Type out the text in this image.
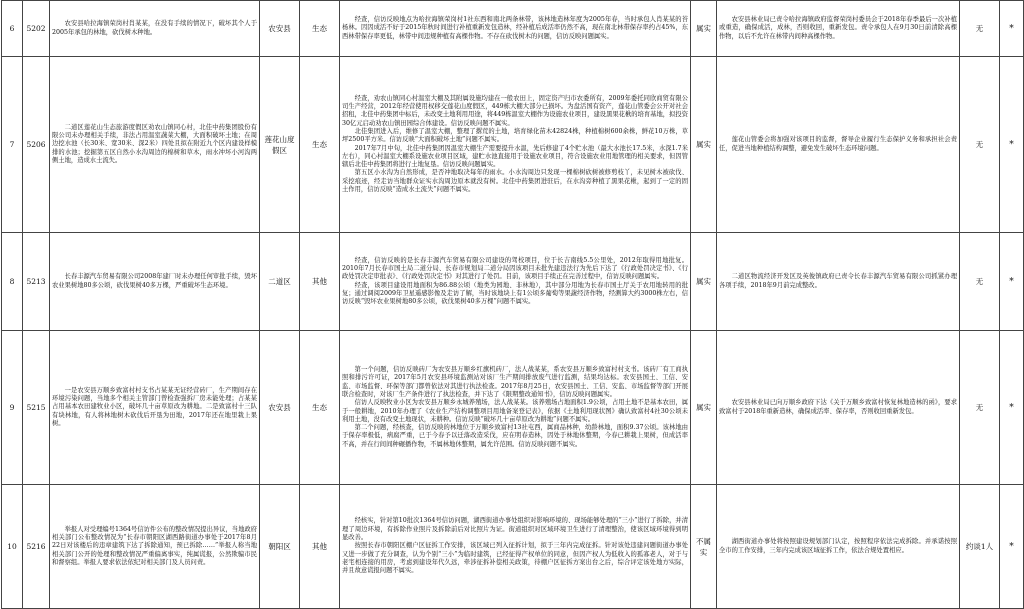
6	5202	农安县哈拉海镇荣岗村肖某某，在没有手续的情况下，破坏其个人于2005年承包的林地，砍伐树木种地。	农安县	生态	经查，信访反映地点为哈拉海镇荣岗村1社东西和南北两条林带，该林地造林年度为2005年春，当时承包人肖某某的苔杨林。因因成活不好于2015年秋时间进行补植重新发包造林，经补植后成活率仍然不高，现在南北林带保存率约占45%，东西林带保存率更低，林带中间违规种植有高棵作物。不存在砍伐树木的问题，信访反映问题属实。	属实	农安县林业局已责令哈拉海镇政府监督荣岗村委员会于2018年春季最后一次补植或重造，确保成活，成林，否则收回，重新发包。责令承包人在9月30日前清除高棵作物，以后不允许在林带内间种高棵作物。	无	*
7	5206	二道区莲花山生态旅游度假区劝农山镇同心村，北佳中药集团股份有限公司未办理相关手续，非法占用温室蔬菜大棚，大面积破坏土地；在周边挖水池（长30米、宽30米、深2米）四处且拟在附近九个区内建设样模排的水池；挖掘第五区自然小水沟周边的棉树和草木，雨水冲坏小河沟两侧土地，造成水土流失。	莲花山度假区	生态	经查，劝农山镇同心村温室大棚及其附属设施均建在一般农田上，固定资产归市农委所有，2009年委托同欣商贸有限公司生产经营，2012年经营使用权移交莲花山度假区，449栋大棚大部分已损坏。为盘活国有资产，莲花山管委会公开对社会招租，北佳中药集团中标后，未改变土地利用用途，将449栋温室大棚作为设施农业项目，建设黑果花楸的培育基地，拟投资30亿元启动劝农山镇田园综合体建设。信访反映问题不属实。

北佳集团进入后，维修了温室大棚，整理了撂荒的土地，培育绿化苗木42824株，种植棉树600余株，鲜花10万株，草坪2500平方米。信访反映“大面积破坏土地”问题不属实。

2017年7月中旬，北佳中药集团因温室大棚生产需要提升水温，先后修建了4个贮水池（最大水池长17.5米，水深1.7米左右），同心村温室大棚系设施农业项目区域，建贮水池直接用于设施农业项目，符合设施农业用地管理的相关要求，但因管辖后北佳中药集团将进行土地复垦。信访反映问题属实。

第五区小水沟为自然形成，是否冲地取决每年的雨水。小水沟周边只发现一棵棉树砍树被修剪枝丫，未见树木被砍伐、采挖痕迹，经走访当地群众证实水沟周边原本就没有树。北佳中药集团进驻后，在水沟旁种植了黑果花楸，起到了一定的固土作用，信访反映“造成水土流失”问题不属实。	属实	莲花山管委会将加强对该项目的监督，督导企业履行生态保护义务和承担社会责任，促进当地种植结构调整，避免发生破坏生态环境问题。	无	*
8	5213	长春丰源汽车贸易有限公司2008年建厂时未办理任何审批手续，毁坏农业果树地80多公顷，砍伐果树40多万棵，严重破坏生态环境。	二道区	其他	经查，信访反映的是长春丰源汽车贸易有限公司建设的驾校项目，位于长吉南线5.5公里处，2012年取得用地批复。2010年7月长春市国土局二道分局、长春市规划局二道分局因该项目未批先建违法行为先后下达了《行政处罚决定书》、《行政处罚决定审批表》、《行政处罚决定书》对其进行了处罚。目前，该项目手续正在完善过程中，信访反映问题属实。

经查，该项目建设用地面积为86.88公顷（地类为园地、非林地），其中部分用地为长春市国土厅关于农用地转用的批复；通过调阅2009年卫星遥感影像及走访了解，当时该地块上有1公顷多葡萄等果蔬经济作物，经测算大约3000株左右，信访反映“毁坏农业果树地80多公顷，砍伐果树40多万棵”问题不属实。	属实	二道区物流经济开发区及英俊镇政府已责令长春丰源汽车贸易有限公司抓紧办理各项手续，2018年9月前完成整改。	无	*
9	5215	一是农安县万顺乡致富村村支书占某某无证经营砖厂，生产期间存在环境污染问题，当地多个相关主管部门曾检查强拆厂房未能处理；占某某占用基本农田建牧业小区，破坏几十亩草原改为耕地。二是致富村十三队有块林地，有人将林地树木砍伐后开垦为田地，2017年还在地里栽上果树。	农安县	生态	第一个问题，信访反映砖厂为农安县万顺乡红旗机砖厂，法人战某某，系农安县万顺乡致富村村支书。该砖厂有工商执照和排污许可证，2017年5月农安县环境监测站对该厂生产期间排放废气进行监测，结果均达标。农安县国土、工信、安监、市场监督、环保等部门都曾依法对其进行执法检查。2017年8月25日，农安县国土、工信、安监、市场监督等部门开展联合检查时，对该厂生产条件进行了执法检查，并下达了《限期整改通知书》，信访反映问题属实。

信访人反映牧业小区为农安县万顺乡永城养殖场，法人战某某。该养殖场占地面积1.9公顷，占用土地不是基本农田，属于一般耕地，2010年办理了《农业生产结构调整项目用地备案登记表》，依据《土地利用现状图》确认致富村4社30公顷未利用土地，没有改变土地现状，未耕种。信访反映“破坏几十亩草原改为耕地”问题不属实。

第二个问题，经核查，信访反映的林地位于万顺乡致富村13社屯西，属商品林种，幼龄林地，面积9.37公顷。该林地由于保存率极低，病腐严重，已于今春予以迁落改造采伐，应在明春造林，因处于林地休整期，今春已耕栽上果树，但成活率不高，并在行间间种碾播作物，不属林地休整期，属允许范围。信访反映问题不属实。	属实	农安县林业局已向万顺乡政府下达《关于万顺乡致富村恢复林地造林的函》，要求致富村于2018年重新造林，确保成活率、保存率，否则收回重新发包。	无	*
10	5216	举报人对受理编号1364号信访件公布的整改情况提出异议，当地政府相关部门公布整改情况为“长春市朝阳区湖西路街道办事处于2017年8月22日对该楼后的违章建筑下达了拆除通知，预已拆除……”举报人称当地相关部门公开的处理和整改情况严重偏离事实，纯属谎报，公然欺骗市民和督察组。举报人要求依法依纪对相关部门及人员问责。	朝阳区	其他	经核实，针对第10批次1364号信访问题，湖西街道办事处组织对影响环境的、现场能够处理的“三小”进行了拆除，并清理了周边环境，有拆除作业照片及拆除前后对比照片为证。街道组织对区域环境卫生进行了清理整治，使该区域环境得到明显改善。

按照长春市朝阳区棚户区征拆工作安排，该区域已列入征拆计划，拟于三年内完成征拆。针对该处违建问题街道办事处又进一步做了充分调查，认为个别“三小”为临时建筑，已经征得产权单位的同意，但因产权人为低收入的孤寡老人，对于与老宅相连接的用房，考虑到建设年代久远，牵涉征拆补偿相关政策，待棚户区征拆方案出台之后，综合评定该处地方实际，并且故意谎报问题不属实。	不属实	湖西街道办事处将按照建设规划部门认定，按照程序依法完成拆除。并承诺按照全市的工作安排，三年内完成该区域征拆工作，依法合规处置相应。	约谈1人	*
